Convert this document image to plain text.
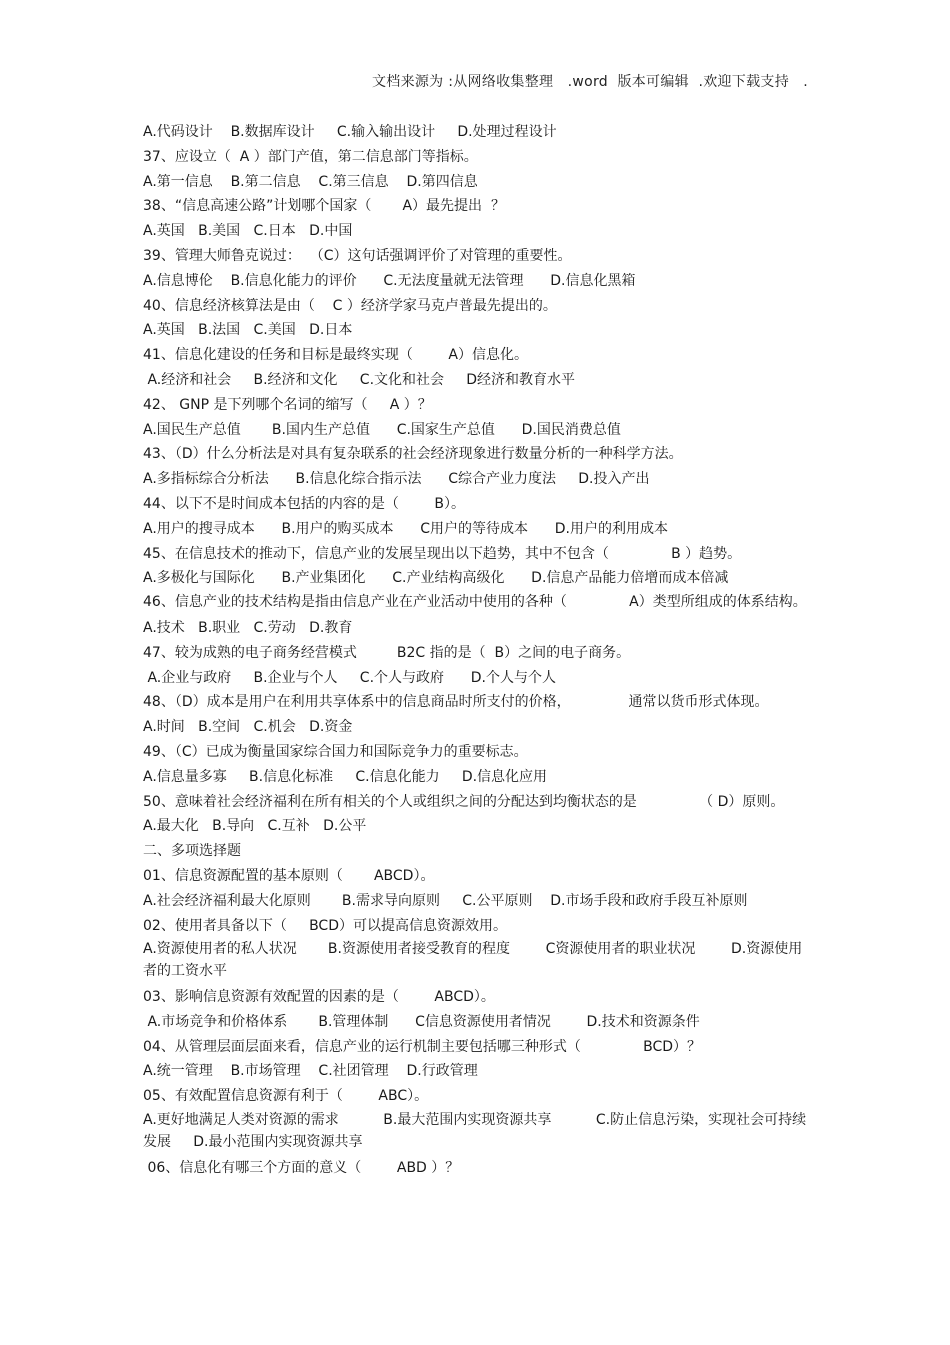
文档来源为 :从网络收集整理   .word  版本可编辑  .欢迎下载支持   .
A.代码设计    B.数据库设计     C.输入输出设计     D.处理过程设计
37、应设立（  A ）部门产值，第二信息部门等指标。
A.第一信息    B.第二信息    C.第三信息    D.第四信息
38、“信息高速公路”计划哪个国家（       A）最先提出  ？
A.英国   B.美国   C.日本   D.中国
39、管理大师鲁克说过：  （C）这句话强调评价了对管理的重要性。
A.信息博伦    B.信息化能力的评价      C.无法度量就无法管理      D.信息化黑箱
40、信息经济核算法是由（    C ）经济学家马克卢普最先提出的。
A.英国   B.法国   C.美国   D.日本
41、信息化建设的任务和目标是最终实现（        A）信息化。
A.经济和社会     B.经济和文化     C.文化和社会     D经济和教育水平
42、 GNP 是下列哪个名词的缩写（     A ）？
A.国民生产总值       B.国内生产总值      C.国家生产总值      D.国民消费总值
43、（D）什么分析法是对具有复杂联系的社会经济现象进行数量分析的一种科学方法。
A.多指标综合分析法      B.信息化综合指示法      C综合产业力度法     D.投入产出
44、以下不是时间成本包括的内容的是（        B）。
A.用户的搜寻成本      B.用户的购买成本      C用户的等待成本      D.用户的利用成本
45、在信息技术的推动下，信息产业的发展呈现出以下趋势，其中不包含（              B ）趋势。
A.多极化与国际化      B.产业集团化      C.产业结构高级化      D.信息产品能力倍增而成本倍减
46、信息产业的技术结构是指由信息产业在产业活动中使用的各种（              A）类型所组成的体系结构。
A.技术   B.职业   C.劳动   D.教育
47、较为成熟的电子商务经营模式         B2C 指的是（  B）之间的电子商务。
A.企业与政府     B.企业与个人     C.个人与政府      D.个人与个人
48、（D）成本是用户在利用共享体系中的信息商品时所支付的价格，             通常以货币形式体现。
A.时间   B.空间   C.机会   D.资金
49、（C）已成为衡量国家综合国力和国际竞争力的重要标志。
A.信息量多寡     B.信息化标准     C.信息化能力     D.信息化应用
50、意味着社会经济福利在所有相关的个人或组织之间的分配达到均衡状态的是              （ D）原则。
A.最大化   B.导向   C.互补   D.公平
二、多项选择题
01、信息资源配置的基本原则（       ABCD）。
A.社会经济福利最大化原则       B.需求导向原则     C.公平原则    D.市场手段和政府手段互补原则
02、使用者具备以下（     BCD）可以提高信息资源效用。
A.资源使用者的私人状况       B.资源使用者接受教育的程度        C资源使用者的职业状况        D.资源使用者的工资水平
03、影响信息资源有效配置的因素的是（        ABCD）。
A.市场竞争和价格体系       B.管理体制      C信息资源使用者情况        D.技术和资源条件
04、从管理层面层面来看，信息产业的运行机制主要包括哪三种形式（              BCD）？
A.统一管理    B.市场管理    C.社团管理    D.行政管理
05、有效配置信息资源有利于（        ABC）。
A.更好地满足人类对资源的需求          B.最大范围内实现资源共享          C.防止信息污染，实现社会可持续发展     D.最小范围内实现资源共享
06、信息化有哪三个方面的意义（        ABD ）？
